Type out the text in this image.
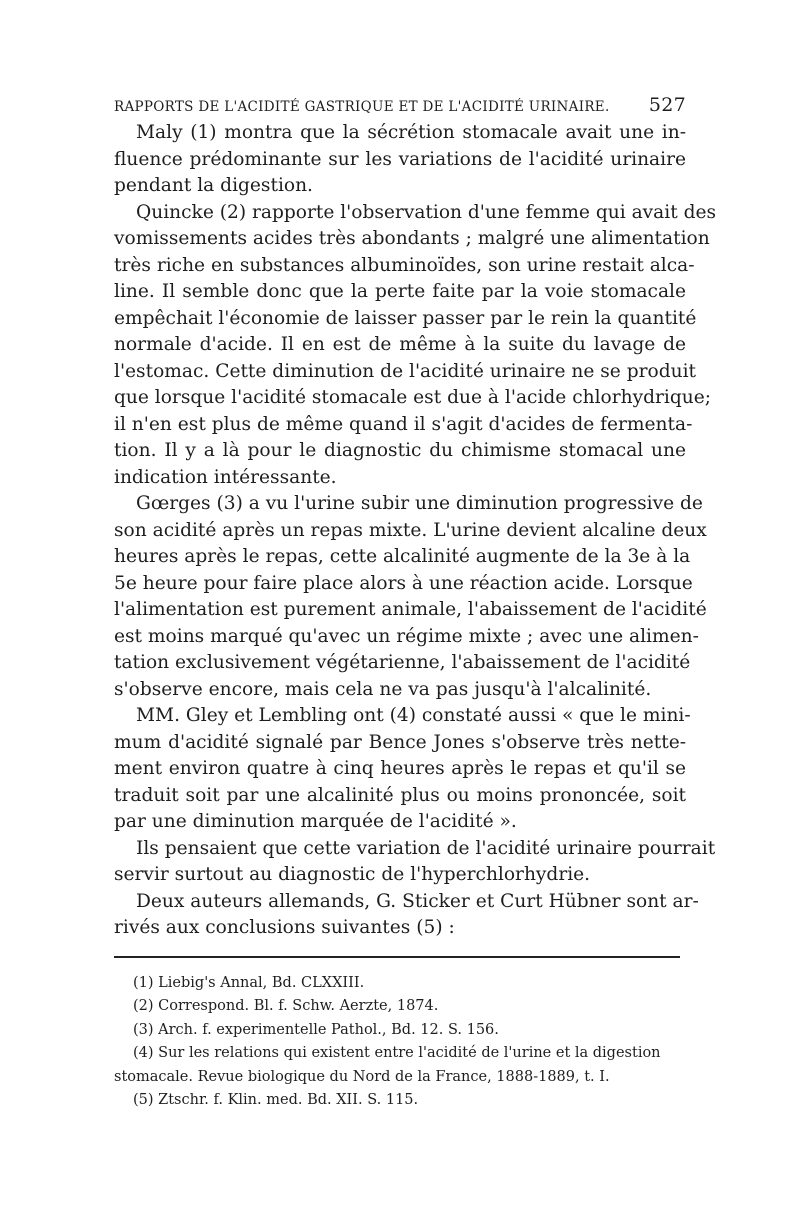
RAPPORTS DE L'ACIDITÉ GASTRIQUE ET DE L'ACIDITÉ URINAIRE. 527

Maly (1) montra que la sécrétion stomacale avait une in-
fluence prédominante sur les variations de l'acidité urinaire
pendant la digestion.

Quincke (2) rapporte l'observation d'une femme qui avait des
vomissements acides très abondants ; malgré une alimentation
très riche en substances albuminoïdes, son urine restait alca-
line. Il semble donc que la perte faite par la voie stomacale
empêchait l'économie de laisser passer par le rein la quantité
normale d'acide. Il en est de même à la suite du lavage de
l'estomac. Cette diminution de l'acidité urinaire ne se produit
que lorsque l'acidité stomacale est due à l'acide chlorhydrique;
il n'en est plus de même quand il s'agit d'acides de fermenta-
tion. Il y a là pour le diagnostic du chimisme stomacal une
indication intéressante.

Gœrges (3) a vu l'urine subir une diminution progressive de
son acidité après un repas mixte. L'urine devient alcaline deux
heures après le repas, cette alcalinité augmente de la 3e à la
5e heure pour faire place alors à une réaction acide. Lorsque
l'alimentation est purement animale, l'abaissement de l'acidité
est moins marqué qu'avec un régime mixte ; avec une alimen-
tation exclusivement végétarienne, l'abaissement de l'acidité
s'observe encore, mais cela ne va pas jusqu'à l'alcalinité.

MM. Gley et Lembling ont (4) constaté aussi « que le mini-
mum d'acidité signalé par Bence Jones s'observe très nette-
ment environ quatre à cinq heures après le repas et qu'il se
traduit soit par une alcalinité plus ou moins prononcée, soit
par une diminution marquée de l'acidité ».

Ils pensaient que cette variation de l'acidité urinaire pourrait
servir surtout au diagnostic de l'hyperchlorhydrie.

Deux auteurs allemands, G. Sticker et Curt Hübner sont ar-
rivés aux conclusions suivantes (5) :

(1) Liebig's Annal, Bd. CLXXIII.
(2) Correspond. Bl. f. Schw. Aerzte, 1874.
(3) Arch. f. experimentelle Pathol., Bd. 12. S. 156.
(4) Sur les relations qui existent entre l'acidité de l'urine et la digestion
stomacale. Revue biologique du Nord de la France, 1888-1889, t. I.
(5) Ztschr. f. Klin. med. Bd. XII. S. 115.
